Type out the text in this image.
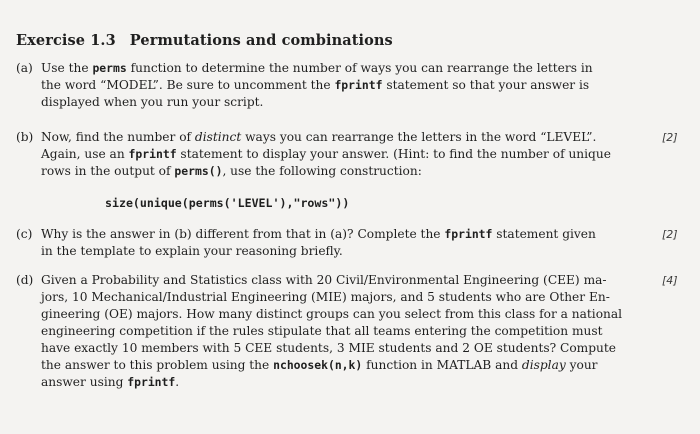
Exercise 1.3 Permutations and combinations
(a) Use the perms function to determine the number of ways you can rearrange the letters in
the word “MODEL”. Be sure to uncomment the fprintf statement so that your answer is
displayed when you run your script.
(b) Now, find the number of distinct ways you can rearrange the letters in the word “LEVEL”.
Again, use an fprintf statement to display your answer. (Hint: to find the number of unique
rows in the output of perms(), use the following construction:
[2]
size(unique(perms('LEVEL'),"rows"))
(c) Why is the answer in (b) different from that in (a)? Complete the fprintf statement given
in the template to explain your reasoning briefly.
[2]
(d) Given a Probability and Statistics class with 20 Civil/Environmental Engineering (CEE) ma-
jors, 10 Mechanical/Industrial Engineering (MIE) majors, and 5 students who are Other En-
gineering (OE) majors. How many distinct groups can you select from this class for a national
engineering competition if the rules stipulate that all teams entering the competition must
have exactly 10 members with 5 CEE students, 3 MIE students and 2 OE students? Compute
the answer to this problem using the nchoosek(n,k) function in MATLAB and display your
answer using fprintf.
[4]
